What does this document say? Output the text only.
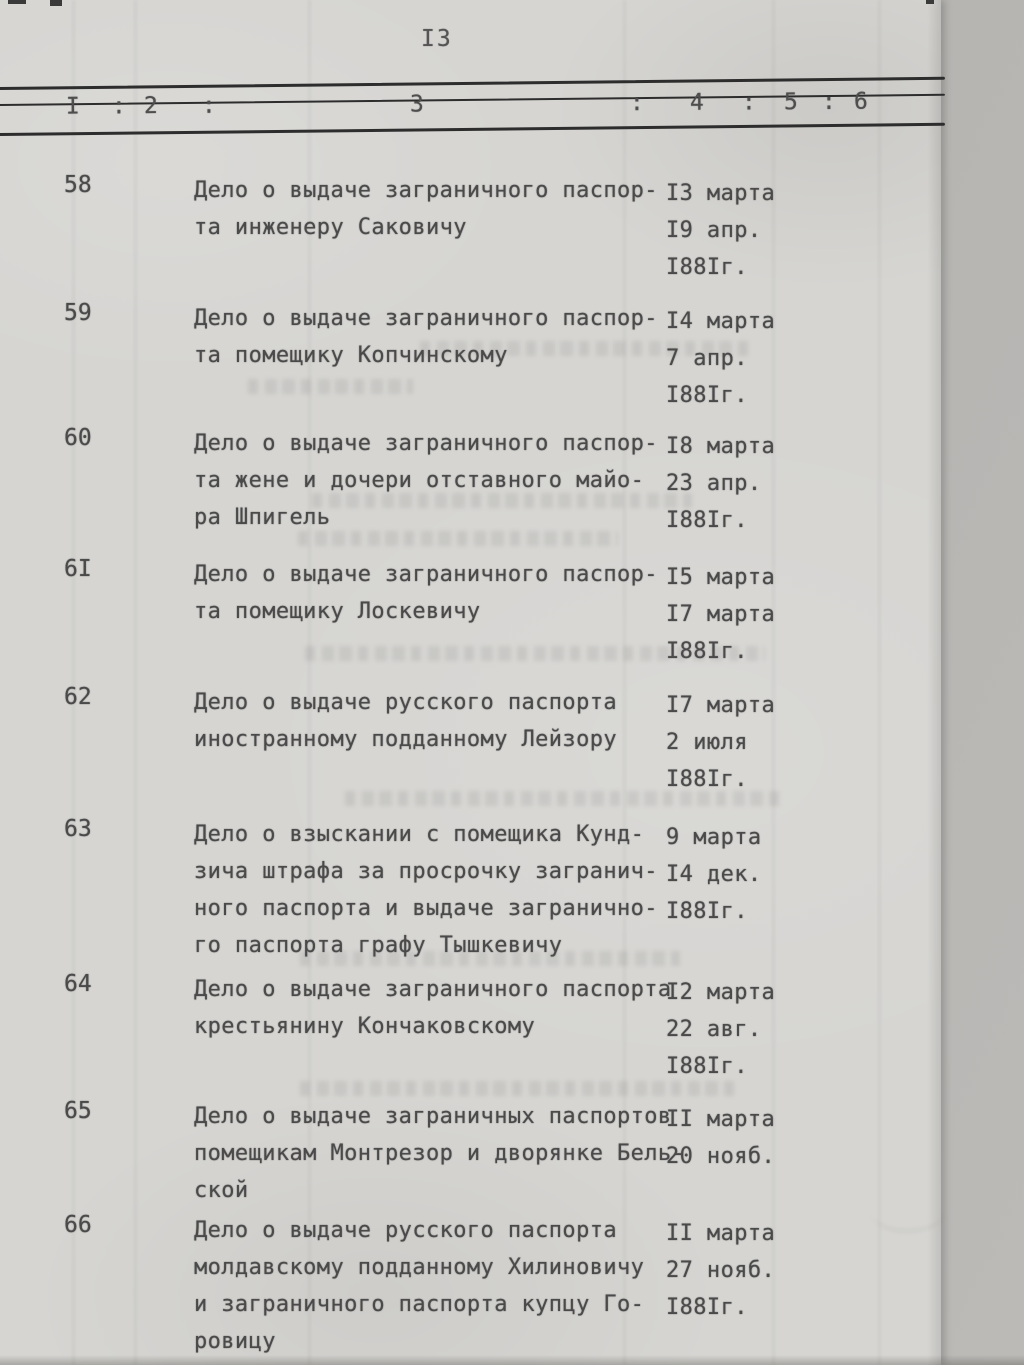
I3
I : 2 :	3	: 4 : 5 : 6
58	Дело о выдаче заграничного паспор-
та инженеру Саковичу
I3 марта
I9 апр.
I88Iг.
59	Дело о выдаче заграничного паспор-
та помещику Копчинскому
I4 марта
7 апр.
I88Iг.
60	Дело о выдаче заграничного паспор-
та жене и дочери отставного майо-
ра Шпигель
I8 марта
23 апр.
I88Iг.
6I	Дело о выдаче заграничного паспор-
та помещику Лоскевичу
I5 марта
I7 марта
I88Iг.
62	Дело о выдаче русского паспорта
иностранному подданному Лейзору
I7 марта
2 июля
I88Iг.
63	Дело о взыскании с помещика Кунд-
зича штрафа за просрочку загранич-
ного паспорта и выдаче загранично-
го паспорта графу Тышкевичу
9 марта
I4 дек.
I88Iг.
64	Дело о выдаче заграничного паспорта
крестьянину Кончаковскому
I2 марта
22 авг.
I88Iг.
65	Дело о выдаче заграничных паспортов
помещикам Монтрезор и дворянке Бель-
ской
II марта
20 нояб.
66	Дело о выдаче русского паспорта
молдавскому подданному Хилиновичу
и заграничного паспорта купцу Го-
ровицу
II марта
27 нояб.
I88Iг.
